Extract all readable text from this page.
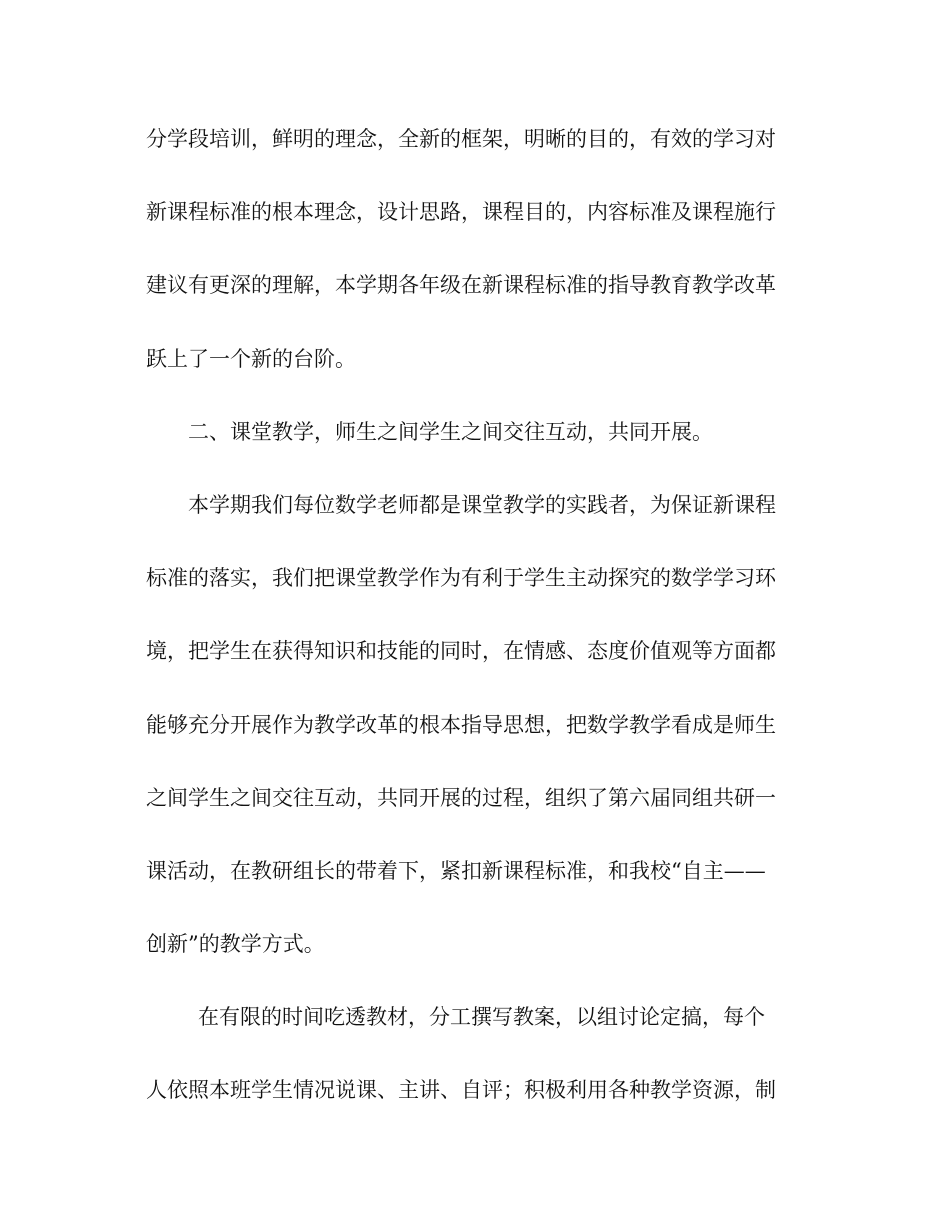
分学段培训，鲜明的理念，全新的框架，明晰的目的，有效的学习对
新课程标准的根本理念，设计思路，课程目的，内容标准及课程施行
建议有更深的理解，本学期各年级在新课程标准的指导教育教学改革
跃上了一个新的台阶。
二、课堂教学，师生之间学生之间交往互动，共同开展。
本学期我们每位数学老师都是课堂教学的实践者，为保证新课程
标准的落实，我们把课堂教学作为有利于学生主动探究的数学学习环
境，把学生在获得知识和技能的同时，在情感、态度价值观等方面都
能够充分开展作为教学改革的根本指导思想，把数学教学看成是师生
之间学生之间交往互动，共同开展的过程，组织了第六届同组共研一
课活动，在教研组长的带着下，紧扣新课程标准，和我校“自主——
创新”的教学方式。
在有限的时间吃透教材，分工撰写教案，以组讨论定搞，每个
人依照本班学生情况说课、主讲、自评；积极利用各种教学资源，制
